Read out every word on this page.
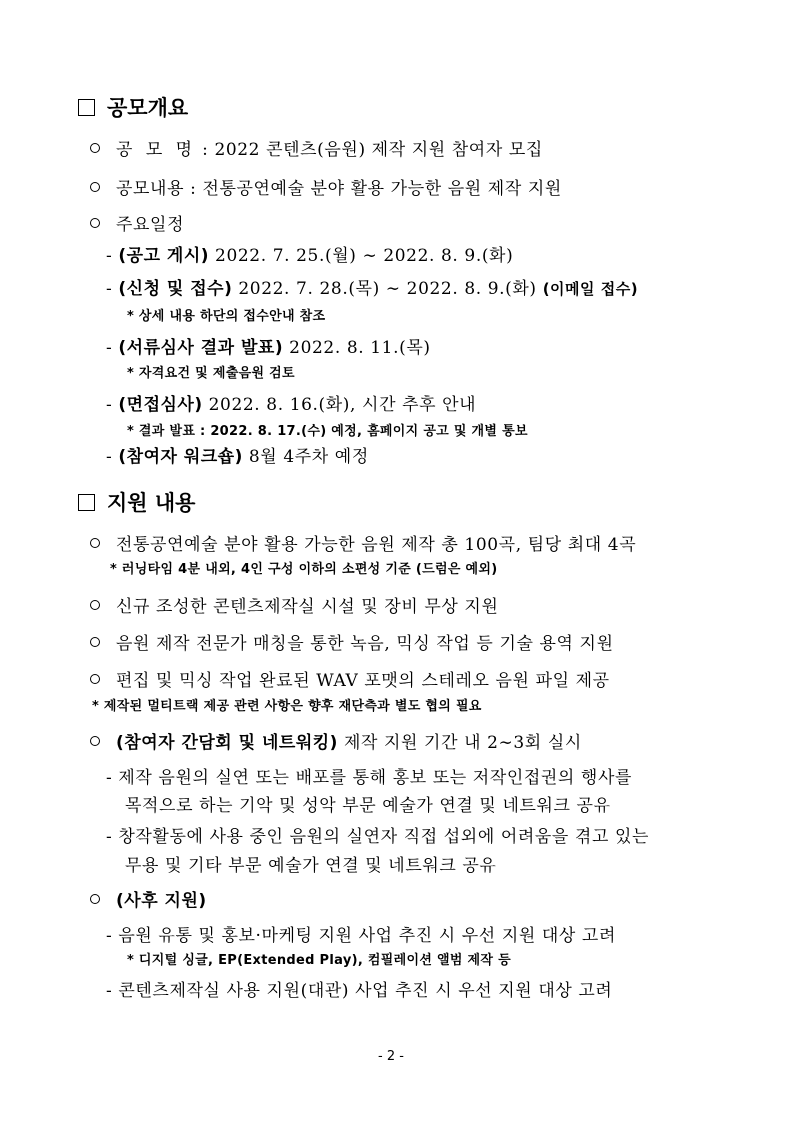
공모개요
공 모 명 : 2022 콘텐츠(음원) 제작 지원 참여자 모집
공모내용 : 전통공연예술 분야 활용 가능한 음원 제작 지원
주요일정
- (공고 게시) 2022. 7. 25.(월) ∼ 2022. 8. 9.(화)
- (신청 및 접수) 2022. 7. 28.(목) ∼ 2022. 8. 9.(화) (이메일 접수)
* 상세 내용 하단의 접수안내 참조
- (서류심사 결과 발표) 2022. 8. 11.(목)
* 자격요건 및 제출음원 검토
- (면접심사) 2022. 8. 16.(화), 시간 추후 안내
* 결과 발표 : 2022. 8. 17.(수) 예정, 홈페이지 공고 및 개별 통보
- (참여자 워크숍) 8월 4주차 예정
지원 내용
전통공연예술 분야 활용 가능한 음원 제작 총 100곡, 팀당 최대 4곡
* 러닝타임 4분 내외, 4인 구성 이하의 소편성 기준 (드럼은 예외)
신규 조성한 콘텐츠제작실 시설 및 장비 무상 지원
음원 제작 전문가 매칭을 통한 녹음, 믹싱 작업 등 기술 용역 지원
편집 및 믹싱 작업 완료된 WAV 포맷의 스테레오 음원 파일 제공
* 제작된 멀티트랙 제공 관련 사항은 향후 재단측과 별도 협의 필요
(참여자 간담회 및 네트워킹) 제작 지원 기간 내 2∼3회 실시
- 제작 음원의 실연 또는 배포를 통해 홍보 또는 저작인접권의 행사를
목적으로 하는 기악 및 성악 부문 예술가 연결 및 네트워크 공유
- 창작활동에 사용 중인 음원의 실연자 직접 섭외에 어려움을 겪고 있는
무용 및 기타 부문 예술가 연결 및 네트워크 공유
(사후 지원)
- 음원 유통 및 홍보·마케팅 지원 사업 추진 시 우선 지원 대상 고려
* 디지털 싱글, EP(Extended Play), 컴필레이션 앨범 제작 등
- 콘텐츠제작실 사용 지원(대관) 사업 추진 시 우선 지원 대상 고려
- 2 -
